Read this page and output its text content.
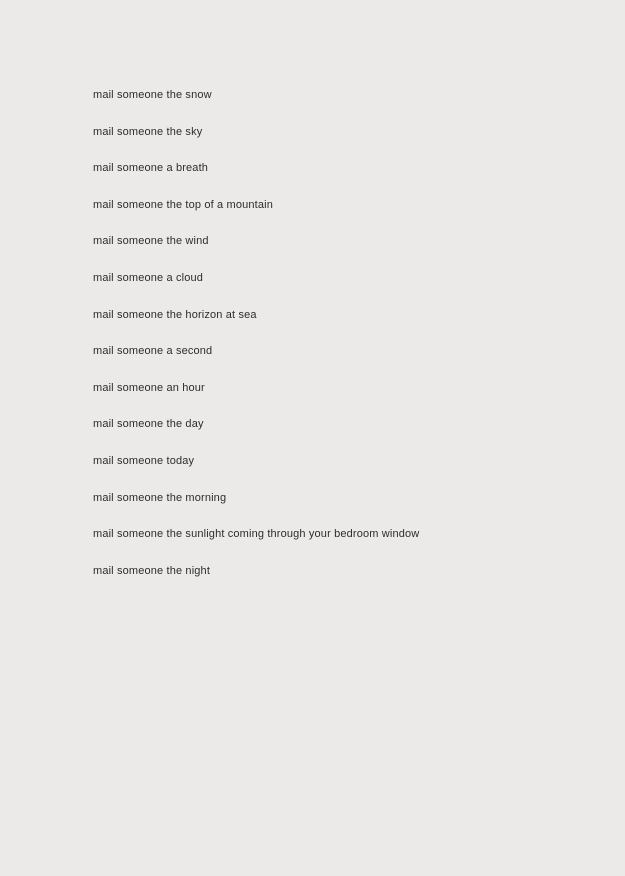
mail someone the snow
mail someone the sky
mail someone a breath
mail someone the top of a mountain
mail someone the wind
mail someone a cloud
mail someone the horizon at sea
mail someone a second
mail someone an hour
mail someone the day
mail someone today
mail someone the morning
mail someone the sunlight coming through your bedroom window
mail someone the night
